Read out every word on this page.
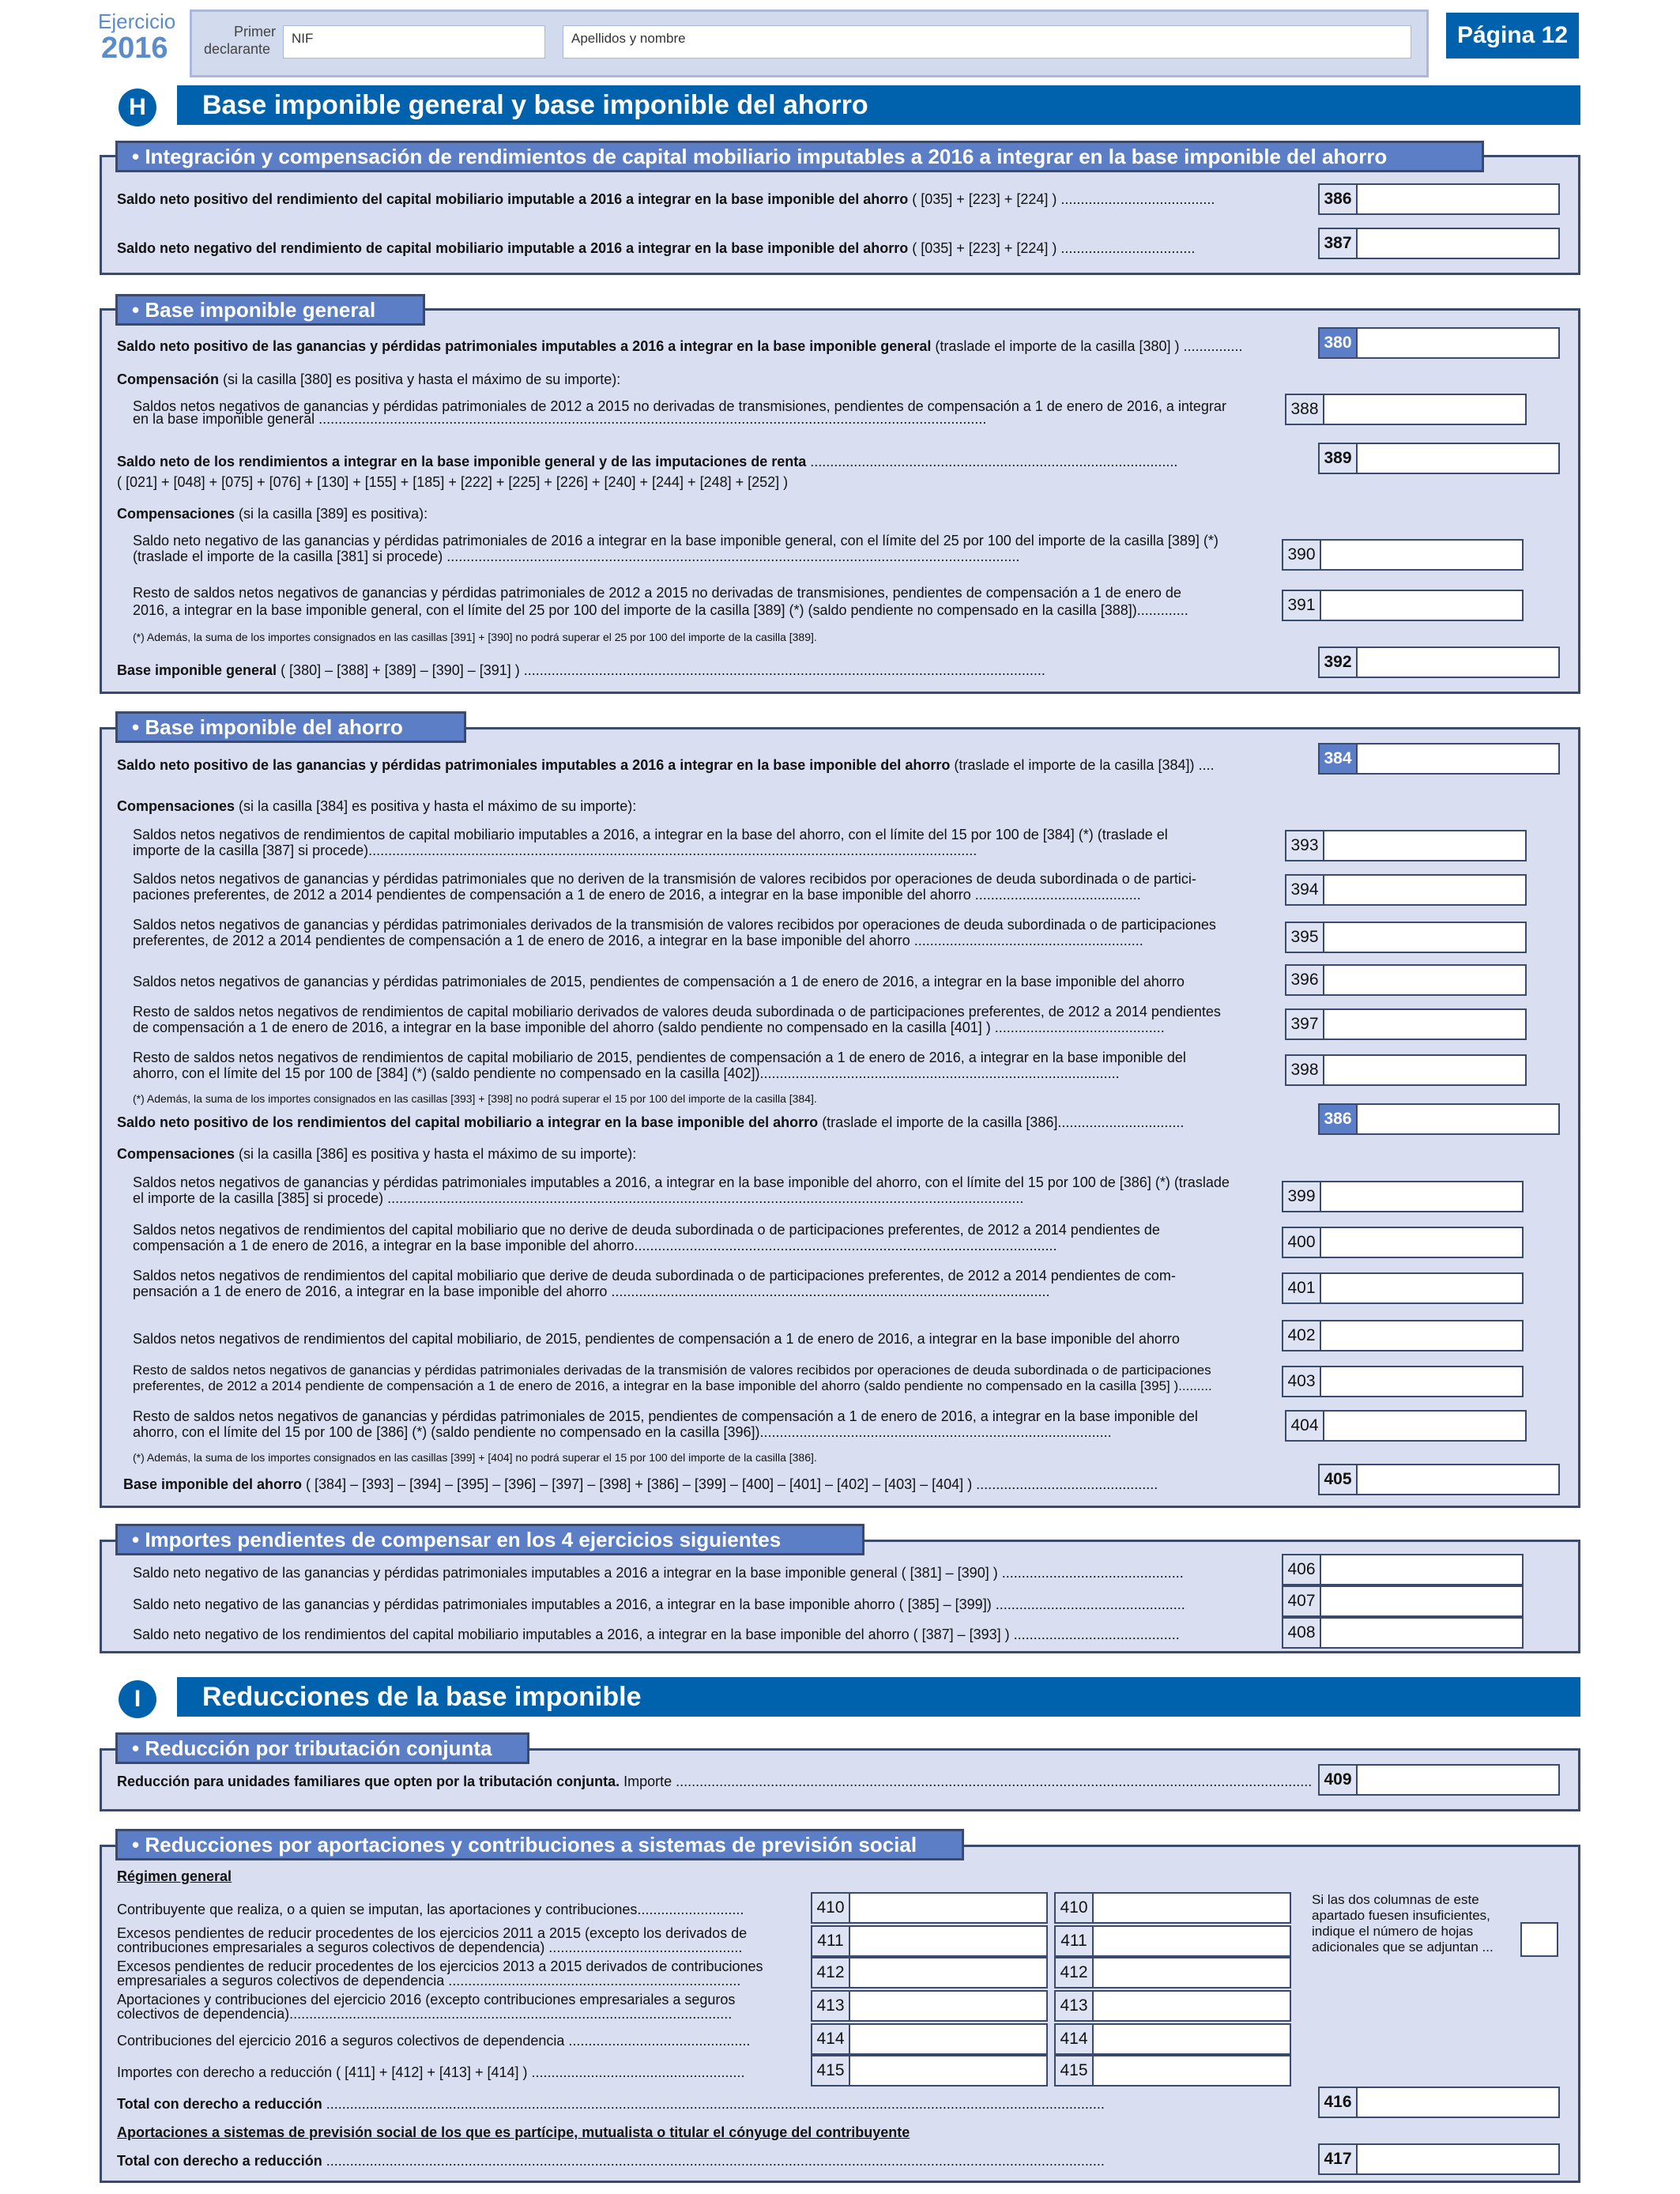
Ejercicio
2016	Primer
declarante
NIF	Apellidos y nombre	Página 12
H	Base imponible general y base imponible del ahorro
• Integración y compensación de rendimientos de capital mobiliario imputables a 2016 a integrar en la base imponible del ahorro
Saldo neto positivo del rendimiento del capital mobiliario imputable a 2016 a integrar en la base imponible del ahorro ( [035] + [223] + [224] ) .......................................	386
Saldo neto negativo del rendimiento de capital mobiliario imputable a 2016 a integrar en la base imponible del ahorro ( [035] + [223] + [224] ) ..................................	387
• Base imponible general
Saldo neto positivo de las ganancias y pérdidas patrimoniales imputables a 2016 a integrar en la base imponible general (traslade el importe de la casilla [380] ) ...............	380
Compensación (si la casilla [380] es positiva y hasta el máximo de su importe):
Saldos netos negativos de ganancias y pérdidas patrimoniales de 2012 a 2015 no derivadas de transmisiones, pendientes de compensación a 1 de enero de 2016, a integrar
en la base imponible general .........................................................................................................................................................................
388
Saldo neto de los rendimientos a integrar en la base imponible general y de las imputaciones de renta .............................................................................................
( [021] + [048] + [075] + [076] + [130] + [155] + [185] + [222] + [225] + [226] + [240] + [244] + [248] + [252] )
389
Compensaciones (si la casilla [389] es positiva):
Saldo neto negativo de las ganancias y pérdidas patrimoniales de 2016 a integrar en la base imponible general, con el límite del 25 por 100 del importe de la casilla [389] (*)
(traslade el importe de la casilla [381] si procede) .................................................................................................................................................	390
Resto de saldos netos negativos de ganancias y pérdidas patrimoniales de 2012 a 2015 no derivadas de transmisiones, pendientes de compensación a 1 de enero de
2016, a integrar en la base imponible general, con el límite del 25 por 100 del importe de la casilla [389] (*) (saldo pendiente no compensado en la casilla [388]).............	391
(*) Además, la suma de los importes consignados en las casillas [391] + [390] no podrá superar el 25 por 100 del importe de la casilla [389].
Base imponible general ( [380] – [388] + [389] – [390] – [391] ) ....................................................................................................................................	392
• Base imponible del ahorro
Saldo neto positivo de las ganancias y pérdidas patrimoniales imputables a 2016 a integrar en la base imponible del ahorro (traslade el importe de la casilla [384]) ....	384
Compensaciones (si la casilla [384] es positiva y hasta el máximo de su importe):
Saldos netos negativos de rendimientos de capital mobiliario imputables a 2016, a integrar en la base del ahorro, con el límite del 15 por 100 de [384] (*) (traslade el
importe de la casilla [387] si procede)..........................................................................................................................................................	393
Saldos netos negativos de ganancias y pérdidas patrimoniales que no deriven de la transmisión de valores recibidos por operaciones de deuda subordinada o de partici-
paciones preferentes, de 2012 a 2014 pendientes de compensación a 1 de enero de 2016, a integrar en la base imponible del ahorro ..........................................	394
Saldos netos negativos de ganancias y pérdidas patrimoniales derivados de la transmisión de valores recibidos por operaciones de deuda subordinada o de participaciones
preferentes, de 2012 a 2014 pendientes de compensación a 1 de enero de 2016, a integrar en la base imponible del ahorro ..........................................................	395
Saldos netos negativos de ganancias y pérdidas patrimoniales de 2015, pendientes de compensación a 1 de enero de 2016, a integrar en la base imponible del ahorro	396
Resto de saldos netos negativos de rendimientos de capital mobiliario derivados de valores deuda subordinada o de participaciones preferentes, de 2012 a 2014 pendientes
de compensación a 1 de enero de 2016, a integrar en la base imponible del ahorro (saldo pendiente no compensado en la casilla [401] ) ...........................................	397
Resto de saldos netos negativos de rendimientos de capital mobiliario de 2015, pendientes de compensación a 1 de enero de 2016, a integrar en la base imponible del
ahorro, con el límite del 15 por 100 de [384] (*) (saldo pendiente no compensado en la casilla [402])...........................................................................................	398
(*) Además, la suma de los importes consignados en las casillas [393] + [398] no podrá superar el 15 por 100 del importe de la casilla [384].
Saldo neto positivo de los rendimientos del capital mobiliario a integrar en la base imponible del ahorro (traslade el importe de la casilla [386]................................	386
Compensaciones (si la casilla [386] es positiva y hasta el máximo de su importe):
Saldos netos negativos de ganancias y pérdidas patrimoniales imputables a 2016, a integrar en la base imponible del ahorro, con el límite del 15 por 100 de [386] (*) (traslade
el importe de la casilla [385] si procede) .................................................................................................................................................................	399
Saldos netos negativos de rendimientos del capital mobiliario que no derive de deuda subordinada o de participaciones preferentes, de 2012 a 2014 pendientes de
compensación a 1 de enero de 2016, a integrar en la base imponible del ahorro...........................................................................................................	400
Saldos netos negativos de rendimientos del capital mobiliario que derive de deuda subordinada o de participaciones preferentes, de 2012 a 2014 pendientes de com-
pensación a 1 de enero de 2016, a integrar en la base imponible del ahorro ...............................................................................................................	401
Saldos netos negativos de rendimientos del capital mobiliario, de 2015, pendientes de compensación a 1 de enero de 2016, a integrar en la base imponible del ahorro	402
Resto de saldos netos negativos de ganancias y pérdidas patrimoniales derivadas de la transmisión de valores recibidos por operaciones de deuda subordinada o de participaciones
preferentes, de 2012 a 2014 pendiente de compensación a 1 de enero de 2016, a integrar en la base imponible del ahorro (saldo pendiente no compensado en la casilla [395] ).........	403
Resto de saldos netos negativos de ganancias y pérdidas patrimoniales de 2015, pendientes de compensación a 1 de enero de 2016, a integrar en la base imponible del
ahorro, con el límite del 15 por 100 de [386] (*) (saldo pendiente no compensado en la casilla [396]).........................................................................................	404
(*) Además, la suma de los importes consignados en las casillas [399] + [404] no podrá superar el 15 por 100 del importe de la casilla [386].
Base imponible del ahorro ( [384] – [393] – [394] – [395] – [396] – [397] – [398] + [386] – [399] – [400] – [401] – [402] – [403] – [404] ) ..............................................	405
• Importes pendientes de compensar en los 4 ejercicios siguientes
Saldo neto negativo de las ganancias y pérdidas patrimoniales imputables a 2016 a integrar en la base imponible general ( [381] – [390] ) ..............................................	406
Saldo neto negativo de las ganancias y pérdidas patrimoniales imputables a 2016, a integrar en la base imponible ahorro ( [385] – [399]) ................................................	407
Saldo neto negativo de los rendimientos del capital mobiliario imputables a 2016, a integrar en la base imponible del ahorro ( [387] – [393] ) ..........................................	408
I	Reducciones de la base imponible
• Reducción por tributación conjunta
Reducción para unidades familiares que opten por la tributación conjunta. Importe ................................................................................................................................................................. 409
• Reducciones por aportaciones y contribuciones a sistemas de previsión social
Régimen general
Contribuyente que realiza, o a quien se imputan, las aportaciones y contribuciones...........................	410	410
Excesos pendientes de reducir procedentes de los ejercicios 2011 a 2015 (excepto los derivados de
contribuciones empresariales a seguros colectivos de dependencia) .................................................	411	411
Excesos pendientes de reducir procedentes de los ejercicios 2013 a 2015 derivados de contribuciones
empresariales a seguros colectivos de dependencia ..........................................................................	412	412
Aportaciones y contribuciones del ejercicio 2016 (excepto contribuciones empresariales a seguros
colectivos de dependencia)................................................................................................................	413	413
Contribuciones del ejercicio 2016 a seguros colectivos de dependencia ..............................................	414	414
Importes con derecho a reducción ( [411] + [412] + [413] + [414] ) ......................................................	415	415
Si las dos columnas de este
apartado fuesen insuficientes,
indique el número de hojas
adicionales que se adjuntan ...
Total con derecho a reducción .....................................................................................................................................................................................................	416
Aportaciones a sistemas de previsión social de los que es partícipe, mutualista o titular el cónyuge del contribuyente
Total con derecho a reducción .....................................................................................................................................................................................................	417
